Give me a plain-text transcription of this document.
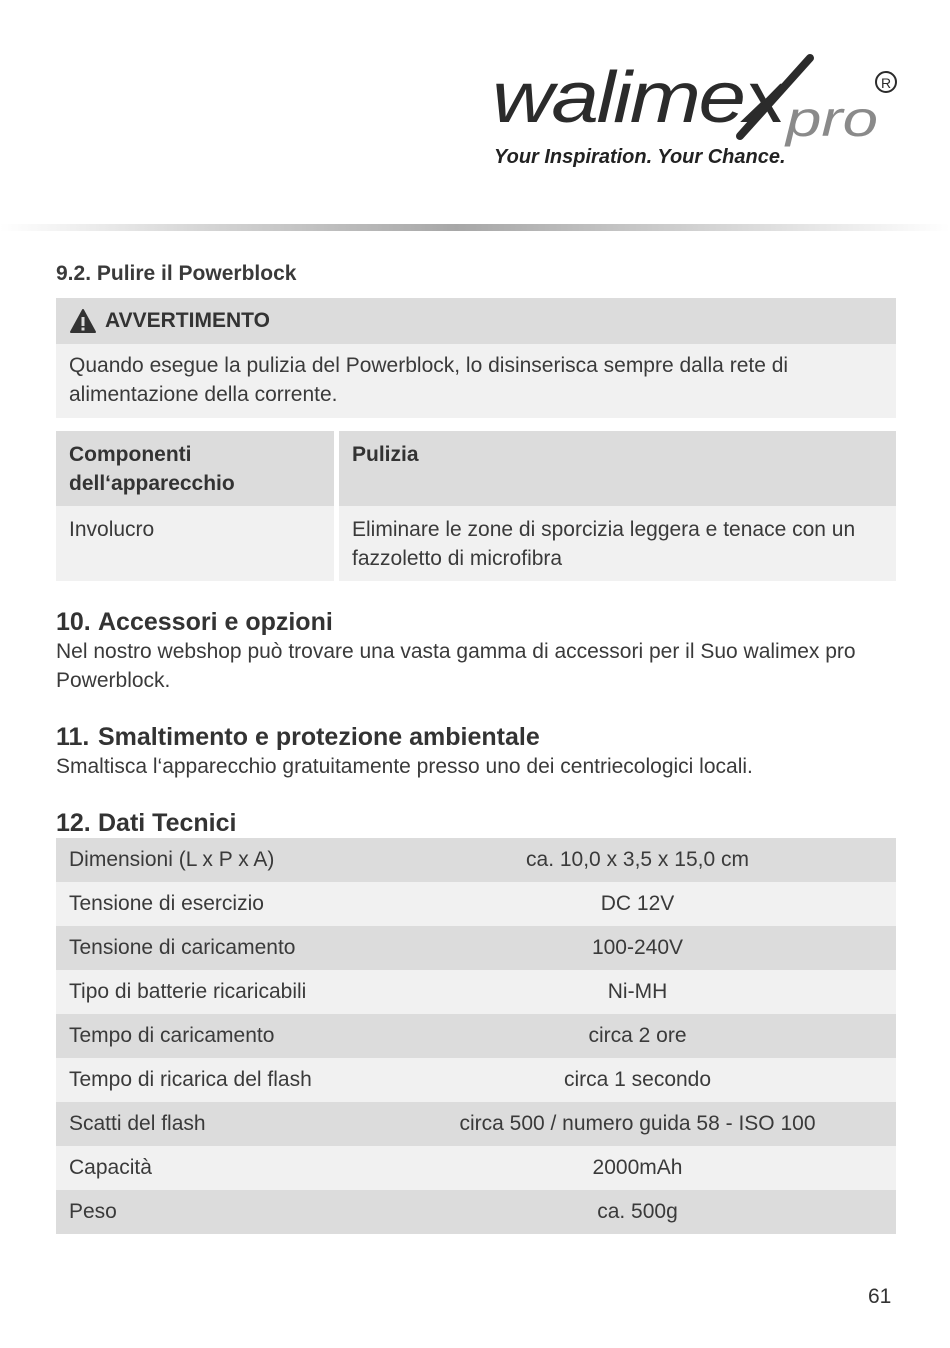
walimex
pro
R
Your Inspiration. Your Chance.
9.2. Pulire il Powerblock
AVVERTIMENTO
Quando esegue la pulizia del Powerblock, lo disinserisca sempre dalla rete di alimentazione della corrente.
Componenti dell‘apparecchio	Pulizia
Involucro	Eliminare le zone di sporcizia leggera e tenace con un fazzoletto di microfibra
10. Accessori e opzioni
Nel nostro webshop può trovare una vasta gamma di accessori per il Suo walimex pro Powerblock.
11. Smaltimento e protezione ambientale
Smaltisca l‘apparecchio gratuitamente presso uno dei centriecologici locali.
12. Dati Tecnici
Dimensioni (L x P x A)	ca. 10,0 x 3,5 x 15,0 cm
Tensione di esercizio	DC 12V
Tensione di caricamento	100-240V
Tipo di batterie ricaricabili	Ni-MH
Tempo di caricamento	circa 2 ore
Tempo di ricarica del flash	circa 1 secondo
Scatti del flash	circa 500 / numero guida 58 - ISO 100
Capacità	2000mAh
Peso	ca. 500g
61
